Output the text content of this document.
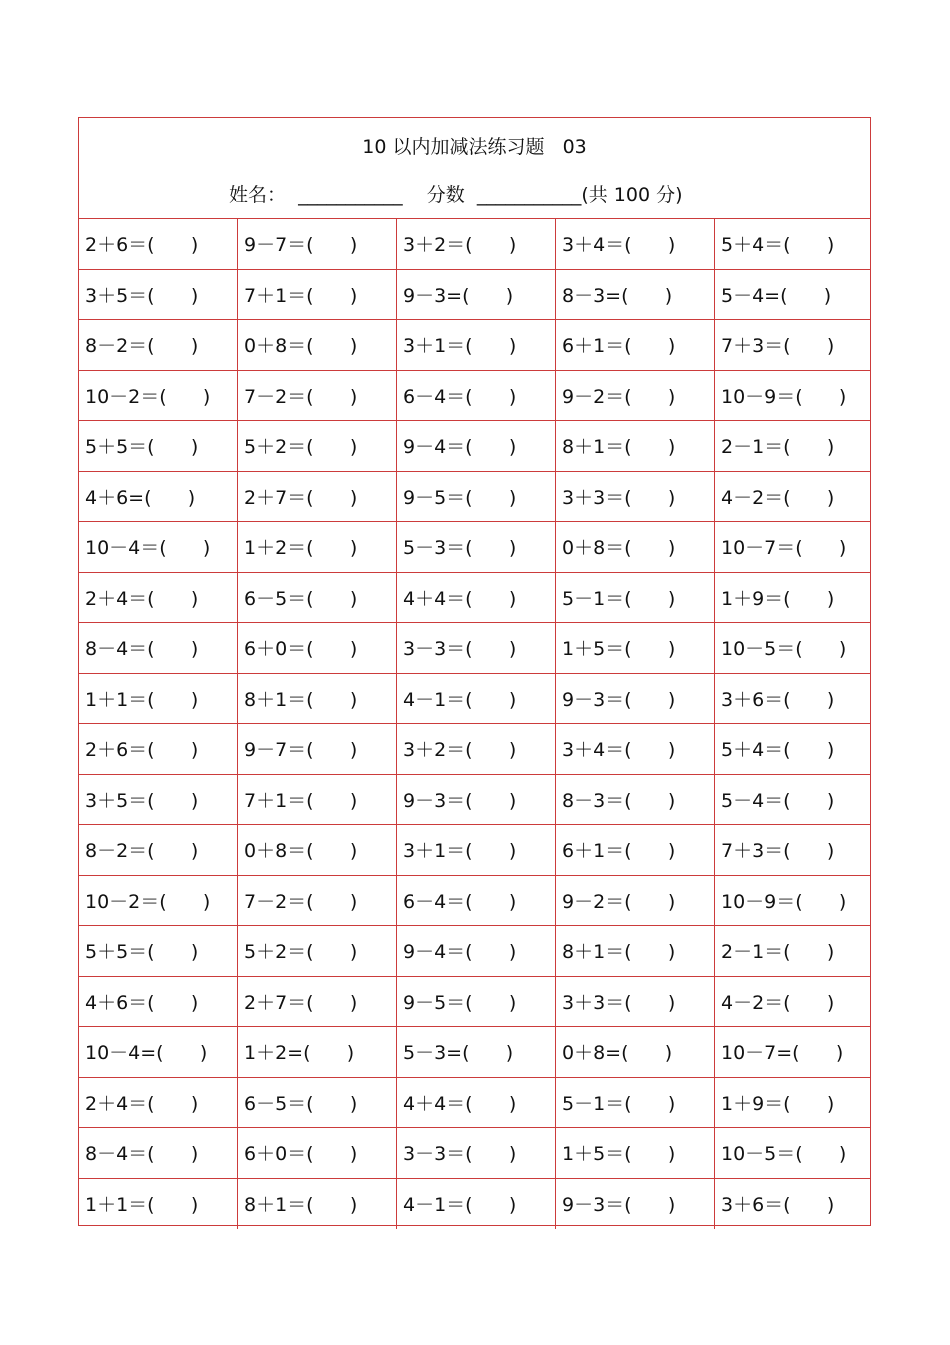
10 以内加减法练习题   03
姓名：  ___________    分数  ___________(共 100 分)
2＋6＝(      )	9－7＝(      )	3＋2＝(      )	3＋4＝(      )	5＋4＝(      )
3＋5＝(      )	7＋1＝(      )	9－3=(      )	8－3=(      )	5－4=(      )
8－2＝(      )	0＋8＝(      )	3＋1＝(      )	6＋1＝(      )	7＋3＝(      )
10－2＝(      )	7－2＝(      )	6－4＝(      )	9－2＝(      )	10－9＝(      )
5＋5＝(      )	5＋2＝(      )	9－4＝(      )	8＋1＝(      )	2－1＝(      )
4＋6=(      )	2＋7＝(      )	9－5＝(      )	3＋3＝(      )	4－2＝(      )
10－4＝(      )	1＋2＝(      )	5－3＝(      )	0＋8＝(      )	10－7＝(      )
2＋4＝(      )	6－5＝(      )	4＋4＝(      )	5－1＝(      )	1＋9＝(      )
8－4＝(      )	6＋0＝(      )	3－3＝(      )	1＋5＝(      )	10－5＝(      )
1＋1＝(      )	8＋1＝(      )	4－1＝(      )	9－3＝(      )	3＋6＝(      )
2＋6＝(      )	9－7＝(      )	3＋2＝(      )	3＋4＝(      )	5＋4＝(      )
3＋5＝(      )	7＋1＝(      )	9－3＝(      )	8－3＝(      )	5－4＝(      )
8－2＝(      )	0＋8＝(      )	3＋1＝(      )	6＋1＝(      )	7＋3＝(      )
10－2＝(      )	7－2＝(      )	6－4＝(      )	9－2＝(      )	10－9＝(      )
5＋5＝(      )	5＋2＝(      )	9－4＝(      )	8＋1＝(      )	2－1＝(      )
4＋6＝(      )	2＋7＝(      )	9－5＝(      )	3＋3＝(      )	4－2＝(      )
10－4=(      )	1＋2=(      )	5－3=(      )	0＋8=(      )	10－7=(      )
2＋4＝(      )	6－5＝(      )	4＋4＝(      )	5－1＝(      )	1＋9＝(      )
8－4＝(      )	6＋0＝(      )	3－3＝(      )	1＋5＝(      )	10－5＝(      )
1＋1＝(      )	8＋1＝(      )	4－1＝(      )	9－3＝(      )	3＋6＝(      )
